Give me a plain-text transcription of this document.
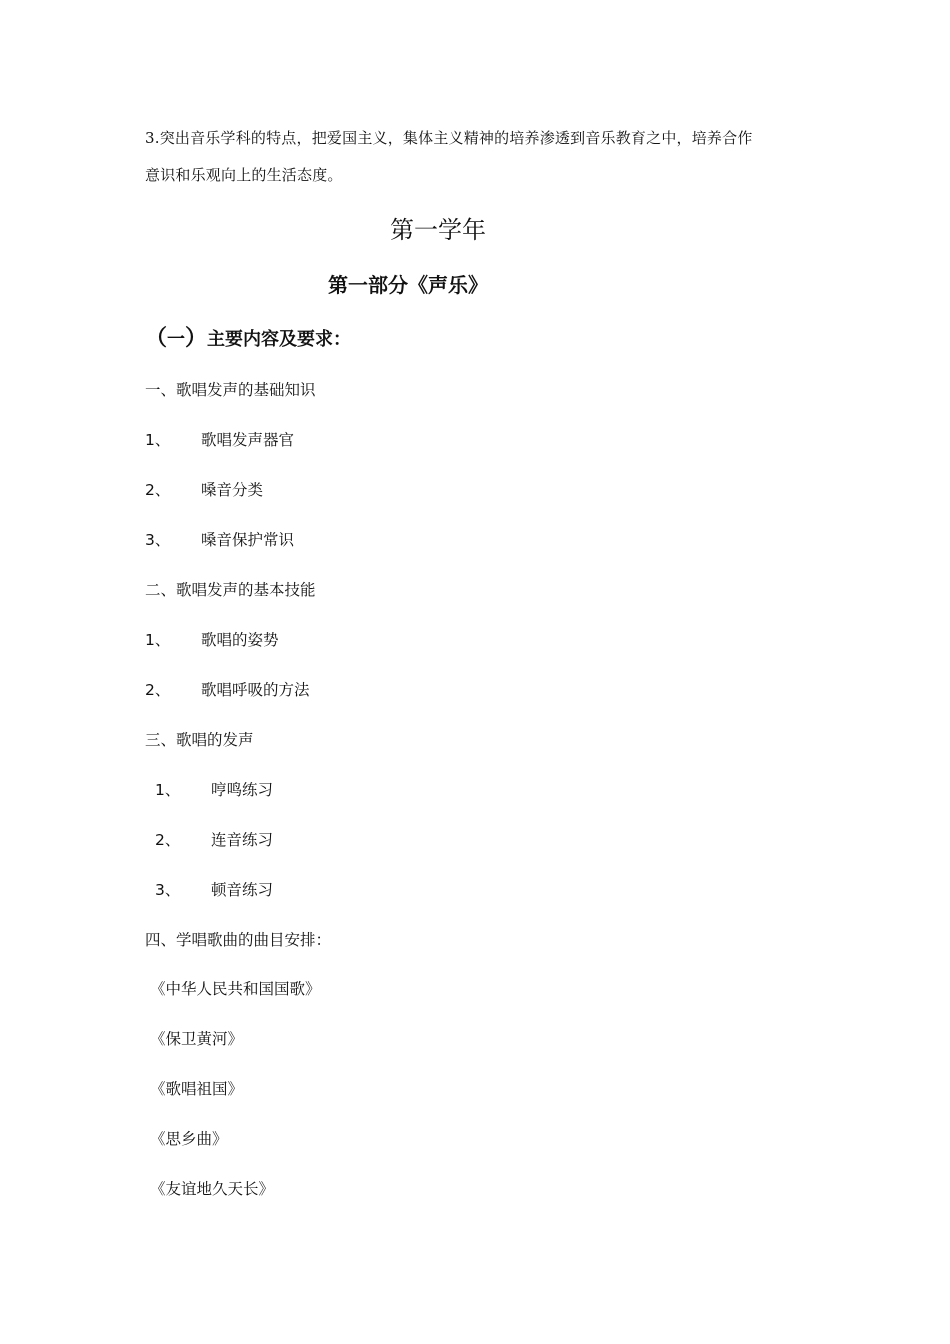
3.突出音乐学科的特点，把爱国主义，集体主义精神的培养渗透到音乐教育之中，培养合作

意识和乐观向上的生活态度。

第一学年
第一部分《声乐》
（一）主要内容及要求：
一、歌唱发声的基础知识
1、 歌唱发声器官
2、 嗓音分类
3、 嗓音保护常识
二、歌唱发声的基本技能
1、 歌唱的姿势
2、 歌唱呼吸的方法
三、歌唱的发声
1、 哼鸣练习
2、 连音练习
3、 顿音练习
四、学唱歌曲的曲目安排：
《中华人民共和国国歌》
《保卫黄河》
《歌唱祖国》
《思乡曲》
《友谊地久天长》
